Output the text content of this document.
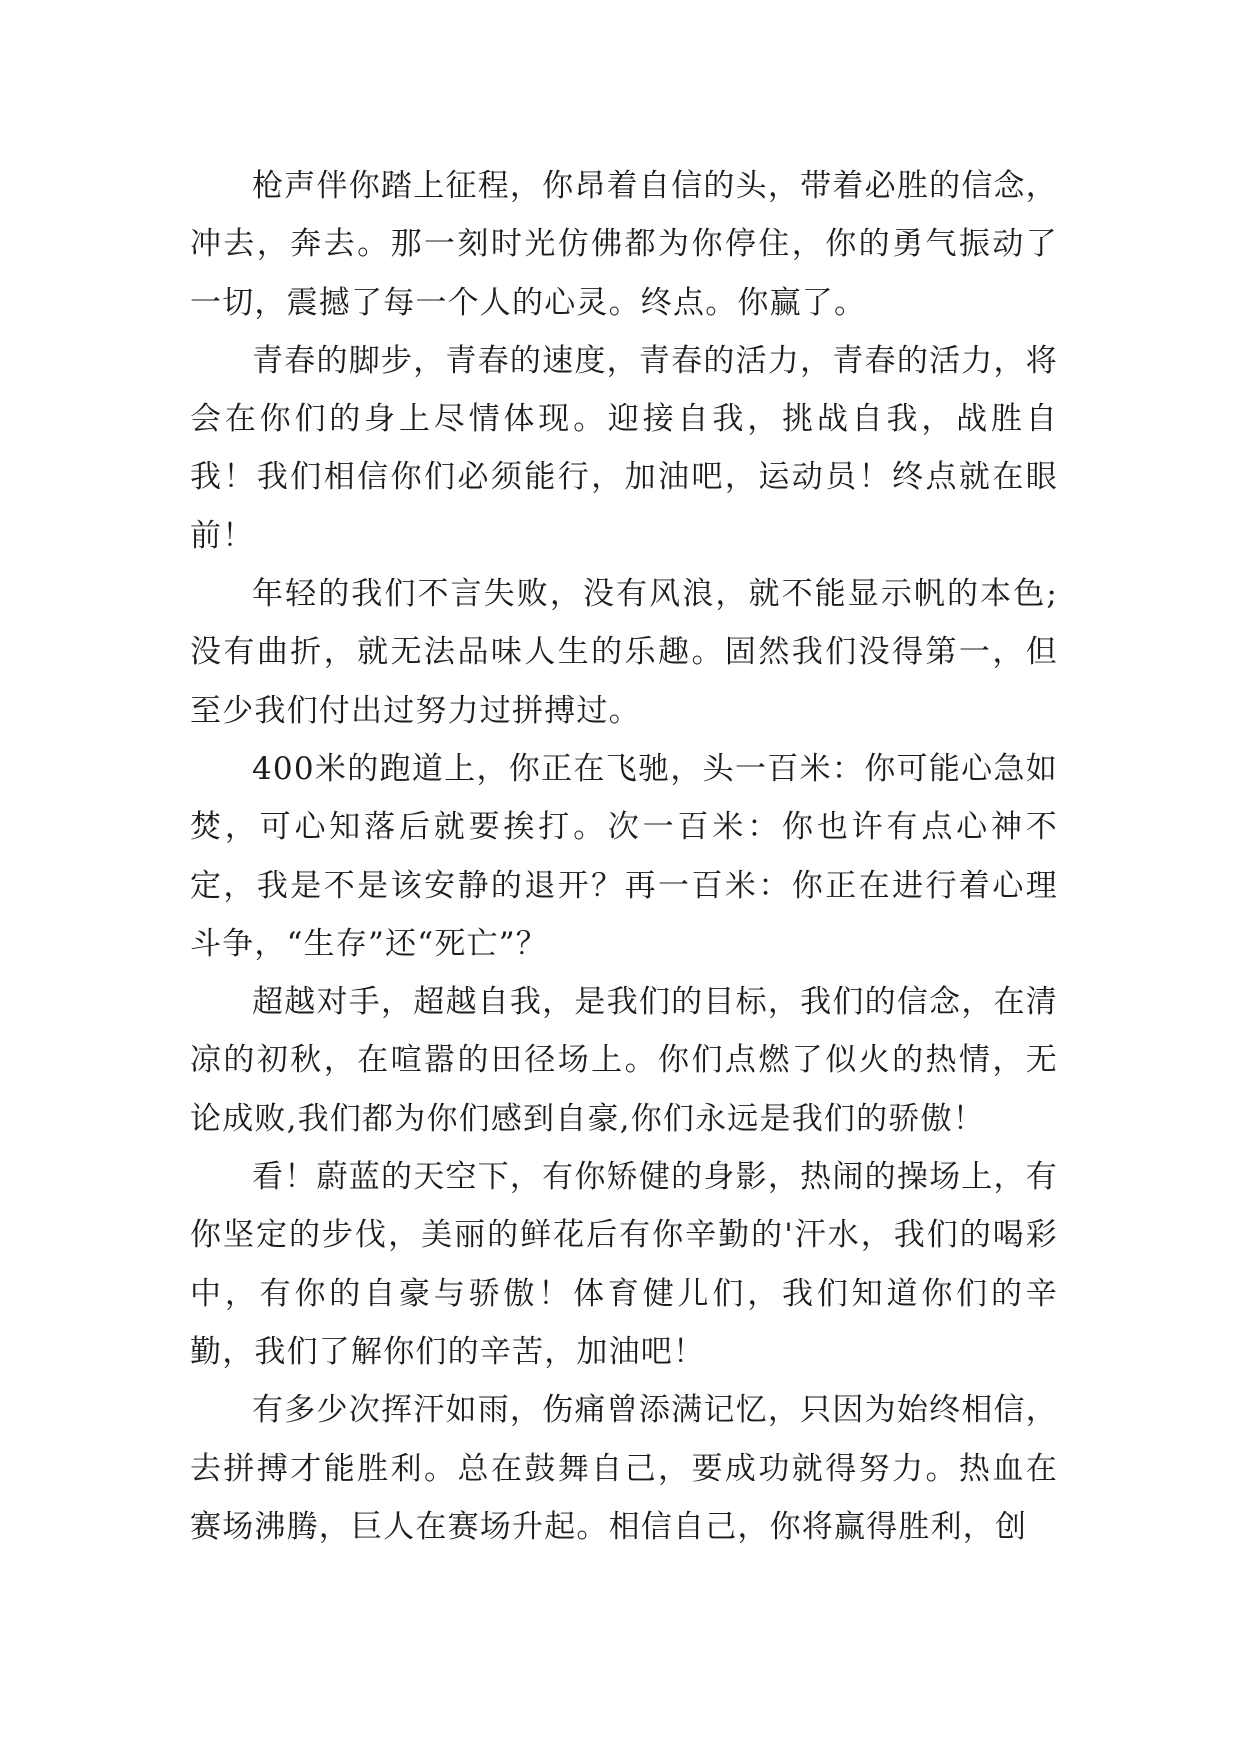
枪声伴你踏上征程，你昂着自信的头，带着必胜的信念，冲去，奔去。那一刻时光仿佛都为你停住，你的勇气振动了一切，震撼了每一个人的心灵。终点。你赢了。

青春的脚步，青春的速度，青春的活力，青春的活力，将会在你们的身上尽情体现。迎接自我，挑战自我，战胜自我！我们相信你们必须能行，加油吧，运动员！终点就在眼前！

年轻的我们不言失败，没有风浪，就不能显示帆的本色;没有曲折，就无法品味人生的乐趣。固然我们没得第一，但至少我们付出过努力过拼搏过。

400米的跑道上，你正在飞驰，头一百米：你可能心急如焚，可心知落后就要挨打。次一百米：你也许有点心神不定，我是不是该安静的退开？再一百米：你正在进行着心理斗争，“生存”还“死亡”？

超越对手，超越自我，是我们的目标，我们的信念，在清凉的初秋，在喧嚣的田径场上。你们点燃了似火的热情，无论成败,我们都为你们感到自豪,你们永远是我们的骄傲！

看！蔚蓝的天空下，有你矫健的身影，热闹的操场上，有你坚定的步伐，美丽的鲜花后有你辛勤的'汗水，我们的喝彩中，有你的自豪与骄傲！体育健儿们，我们知道你们的辛勤，我们了解你们的辛苦，加油吧！

有多少次挥汗如雨，伤痛曾添满记忆，只因为始终相信，去拼搏才能胜利。总在鼓舞自己，要成功就得努力。热血在赛场沸腾，巨人在赛场升起。相信自己，你将赢得胜利，创
